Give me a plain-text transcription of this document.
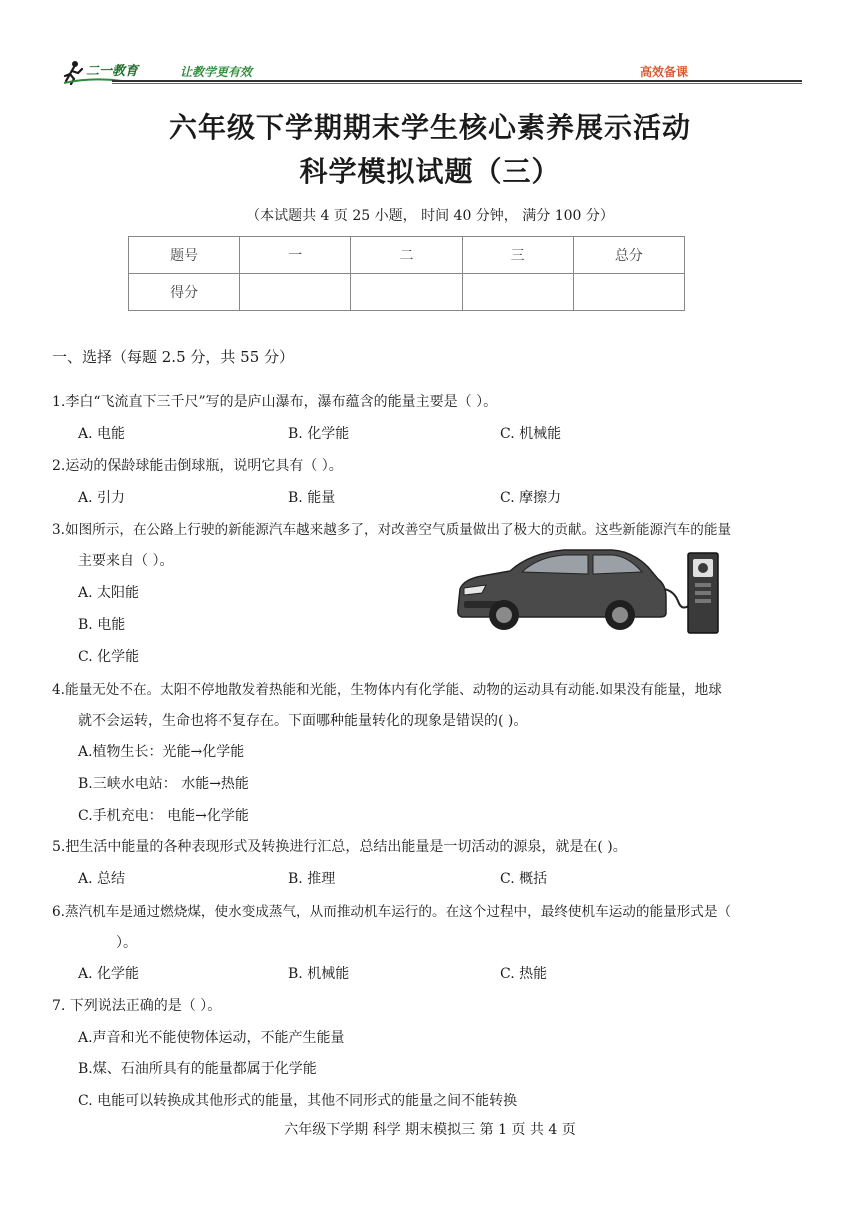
二一教育	让教学更有效	高效备课
六年级下学期期末学生核心素养展示活动
科学模拟试题（三）
（本试题共 4 页 25 小题， 时间 40 分钟， 满分 100 分）
题号	一	二	三	总分
得分				
一、选择（每题 2.5 分，共 55 分）
1.李白“飞流直下三千尺”写的是庐山瀑布，瀑布蕴含的能量主要是（ ）。
A. 电能	B. 化学能	C. 机械能
2.运动的保龄球能击倒球瓶，说明它具有（ ）。
A. 引力	B. 能量	C. 摩擦力
3.如图所示，在公路上行驶的新能源汽车越来越多了，对改善空气质量做出了极大的贡献。这些新能源汽车的能量
主要来自（ ）。
A. 太阳能
B. 电能
C. 化学能
4.能量无处不在。太阳不停地散发着热能和光能，生物体内有化学能、动物的运动具有动能.如果没有能量，地球
就不会运转，生命也将不复存在。下面哪种能量转化的现象是错误的( )。
A.植物生长：光能→化学能
B.三峡水电站： 水能→热能
C.手机充电： 电能→化学能
5.把生活中能量的各种表现形式及转换进行汇总，总结出能量是一切活动的源泉，就是在( )。
A. 总结	B. 推理	C. 概括
6.蒸汽机车是通过燃烧煤，使水变成蒸气，从而推动机车运行的。在这个过程中，最终使机车运动的能量形式是（
）。
A. 化学能	B. 机械能	C. 热能
7. 下列说法正确的是（ ）。
A.声音和光不能使物体运动，不能产生能量
B.煤、石油所具有的能量都属于化学能
C. 电能可以转换成其他形式的能量，其他不同形式的能量之间不能转换
六年级下学期 科学 期末模拟三 第 1 页 共 4 页
